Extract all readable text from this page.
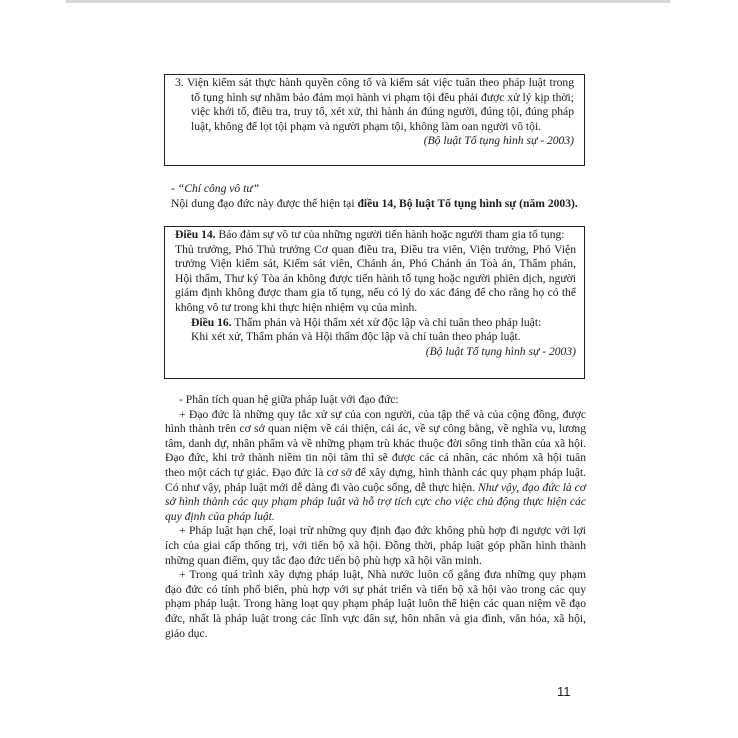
3. Viện kiểm sát thực hành quyền công tố và kiểm sát việc tuân theo pháp luật trong tố tụng hình sự nhằm bảo đảm mọi hành vi phạm tội đều phải được xử lý kịp thời; việc khởi tố, điều tra, truy tố, xét xử, thi hành án đúng người, đúng tội, đúng pháp luật, không để lọt tội phạm và người phạm tội, không làm oan người vô tội.

(Bộ luật Tố tụng hình sự - 2003)

- “Chí công vô tư”

Nội dung đạo đức này được thể hiện tại điều 14, Bộ luật Tố tụng hình sự (năm 2003).

Điều 14. Bảo đảm sự vô tư của những người tiến hành hoặc người tham gia tố tụng:

Thủ trưởng, Phó Thủ trưởng Cơ quan điều tra, Điều tra viên, Viện trưởng, Phó Viện trưởng Viện kiểm sát, Kiểm sát viên, Chánh án, Phó Chánh án Toà án, Thẩm phán, Hội thẩm, Thư ký Tòa án không được tiến hành tố tụng hoặc người phiên dịch, người giám định không được tham gia tố tụng, nếu có lý do xác đáng để cho rằng họ có thể không vô tư trong khi thực hiện nhiệm vụ của mình.

Điều 16. Thẩm phán và Hội thẩm xét xử độc lập và chỉ tuân theo pháp luật:

Khi xét xử, Thẩm phán và Hội thẩm độc lập và chỉ tuân theo pháp luật.

(Bộ luật Tố tụng hình sự - 2003)

- Phân tích quan hệ giữa pháp luật với đạo đức:

+ Đạo đức là những quy tắc xử sự của con người, của tập thể và của cộng đồng, được hình thành trên cơ sở quan niệm về cái thiện, cái ác, về sự công bằng, về nghĩa vụ, lương tâm, danh dự, nhân phẩm và về những phạm trù khác thuộc đời sống tinh thần của xã hội. Đạo đức, khi trở thành niềm tin nội tâm thì sẽ được các cá nhân, các nhóm xã hội tuân theo một cách tự giác. Đạo đức là cơ sở để xây dựng, hình thành các quy phạm pháp luật. Có như vậy, pháp luật mới dễ dàng đi vào cuộc sống, dễ thực hiện. Như vậy, đạo đức là cơ sở hình thành các quy phạm pháp luật và hỗ trợ tích cực cho việc chủ động thực hiện các quy định của pháp luật.

+ Pháp luật hạn chế, loại trừ những quy định đạo đức không phù hợp đi ngược với lợi ích của giai cấp thống trị, với tiến bộ xã hội. Đồng thời, pháp luật góp phần hình thành những quan điểm, quy tắc đạo đức tiến bộ phù hợp xã hội văn minh.

+ Trong quá trình xây dựng pháp luật, Nhà nước luôn cố gắng đưa những quy phạm đạo đức có tính phổ biến, phù hợp với sự phát triển và tiến bộ xã hội vào trong các quy phạm pháp luật. Trong hàng loạt quy phạm pháp luật luôn thể hiện các quan niệm về đạo đức, nhất là pháp luật trong các lĩnh vực dân sự, hôn nhân và gia đình, văn hóa, xã hội, giáo dục.

11
